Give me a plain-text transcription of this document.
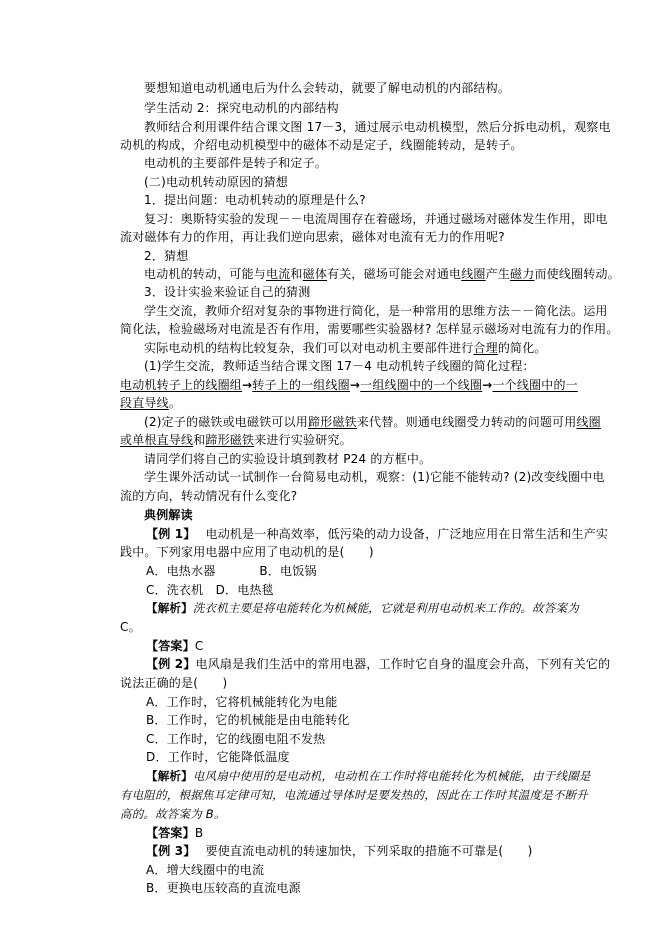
要想知道电动机通电后为什么会转动，就要了解电动机的内部结构。
学生活动 2：探究电动机的内部结构
教师结合利用课件结合课文图 17－3，通过展示电动机模型，然后分拆电动机，观察电
动机的构成，介绍电动机模型中的磁体不动是定子，线圈能转动，是转子。
电动机的主要部件是转子和定子。
(二)电动机转动原因的猜想
1．提出问题：电动机转动的原理是什么?
复习：奥斯特实验的发现－－电流周围存在着磁场，并通过磁场对磁体发生作用，即电
流对磁体有力的作用，再让我们逆向思索，磁体对电流有无力的作用呢?
2．猜想
电动机的转动，可能与电流和磁体有关，磁场可能会对通电线圈产生磁力而使线圈转动。
3．设计实验来验证自己的猜测
学生交流，教师介绍对复杂的事物进行简化，是一种常用的思维方法－－简化法。运用
简化法，检验磁场对电流是否有作用，需要哪些实验器材? 怎样显示磁场对电流有力的作用。
实际电动机的结构比较复杂，我们可以对电动机主要部件进行合理的简化。
(1)学生交流，教师适当结合课文图 17－4 电动机转子线圈的简化过程：
电动机转子上的线圈组→转子上的一组线圈→一组线圈中的一个线圈→一个线圈中的一
段直导线。
(2)定子的磁铁或电磁铁可以用蹄形磁铁来代替。则通电线圈受力转动的问题可用线圈
或单根直导线和蹄形磁铁来进行实验研究。
请同学们将自己的实验设计填到教材 P24 的方框中。
学生课外活动试一试制作一台简易电动机，观察：(1)它能不能转动? (2)改变线圈中电
流的方向，转动情况有什么变化?
典例解读
【例 1】 电动机是一种高效率，低污染的动力设备，广泛地应用在日常生活和生产实
践中。下列家用电器中应用了电动机的是(　　)
A．电热水器	B．电饭锅
C．洗衣机　D．电热毯
【解析】洗衣机主要是将电能转化为机械能，它就是利用电动机来工作的。故答案为
C。
【答案】C
【例 2】电风扇是我们生活中的常用电器，工作时它自身的温度会升高，下列有关它的
说法正确的是(　　)
A．工作时，它将机械能转化为电能
B．工作时，它的机械能是由电能转化
C．工作时，它的线圈电阻不发热
D．工作时，它能降低温度
【解析】电风扇中使用的是电动机，电动机在工作时将电能转化为机械能，由于线圈是
有电阻的，根据焦耳定律可知，电流通过导体时是要发热的，因此在工作时其温度是不断升
高的。故答案为 B。
【答案】B
【例 3】 要使直流电动机的转速加快，下列采取的措施不可靠是(　　)
A．增大线圈中的电流
B．更换电压较高的直流电源
